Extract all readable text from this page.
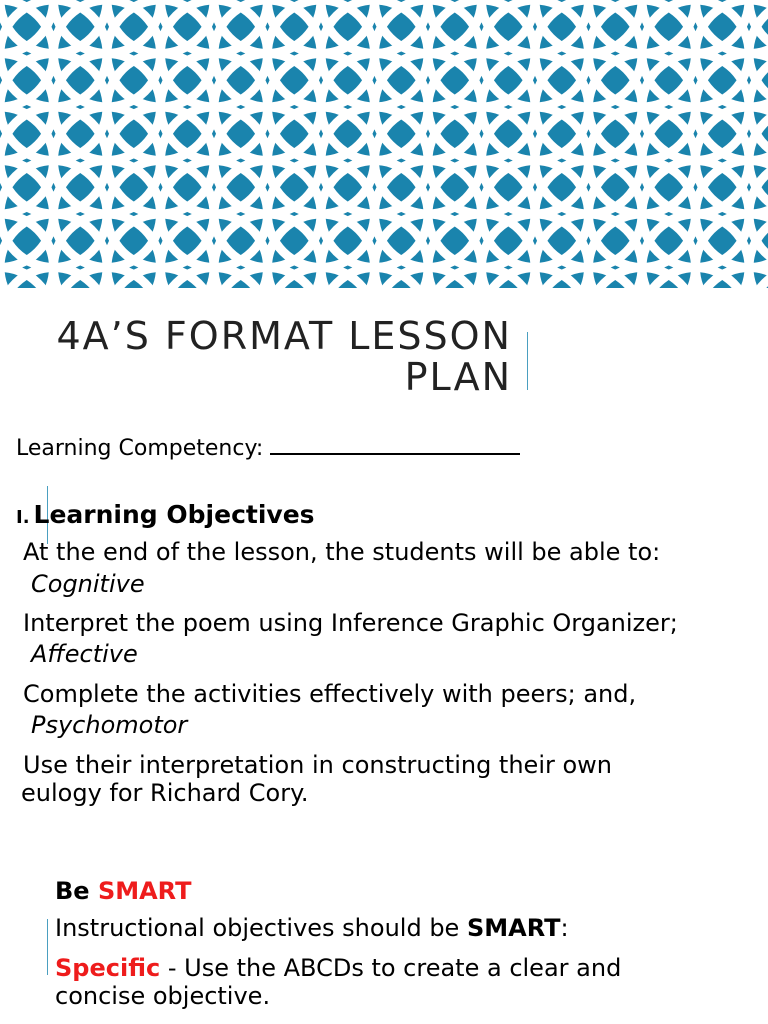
4A’S FORMAT LESSON
PLAN
Learning Competency:
I. Learning Objectives
At the end of the lesson, the students will be able to:
Cognitive
Interpret the poem using Inference Graphic Organizer;
Affective
Complete the activities effectively with peers; and,
Psychomotor
Use their interpretation in constructing their own
eulogy for Richard Cory.
Be SMART
Instructional objectives should be SMART:
Specific - Use the ABCDs to create a clear and
concise objective.
